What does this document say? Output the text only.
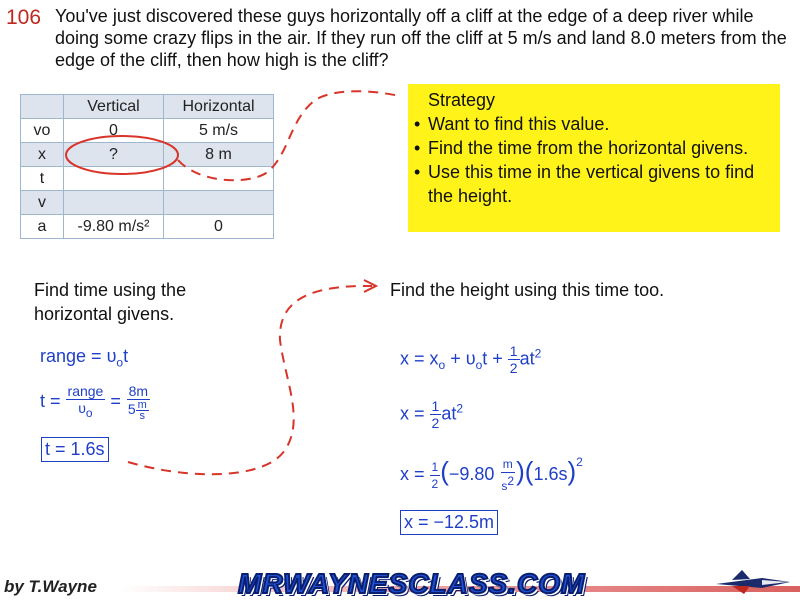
106 You've just discovered these guys horizontally off a cliff at the edge of a deep river while doing some crazy flips in the air. If they run off the cliff at 5 m/s and land 8.0 meters from the edge of the cliff, then how high is the cliff?
	Vertical	Horizontal
vo	0	5 m/s
x	?	8 m
t		
v		
a	-9.80 m/s²	0
Strategy
• Want to find this value.
• Find the time from the horizontal givens.
• Use this time in the vertical givens to find the height.
Find time using the horizontal givens.
range = $\upsilon_ot$
$t = \frac{\text{range}}{\upsilon_o} = \frac{8m}{5 \frac{m}{s}}$
t = 1.6s
Find the height using this time too.
$x = x_o + \upsilon_ot + \frac{1}{2} at^2$
$x = \frac{1}{2} at^2$
$x = \frac{1}{2} (-9.80 \frac{m}{s^2} )(1.6s)^2$
x = −12.5m
by T.Wayne	MRWAYNESCLASS.COM
